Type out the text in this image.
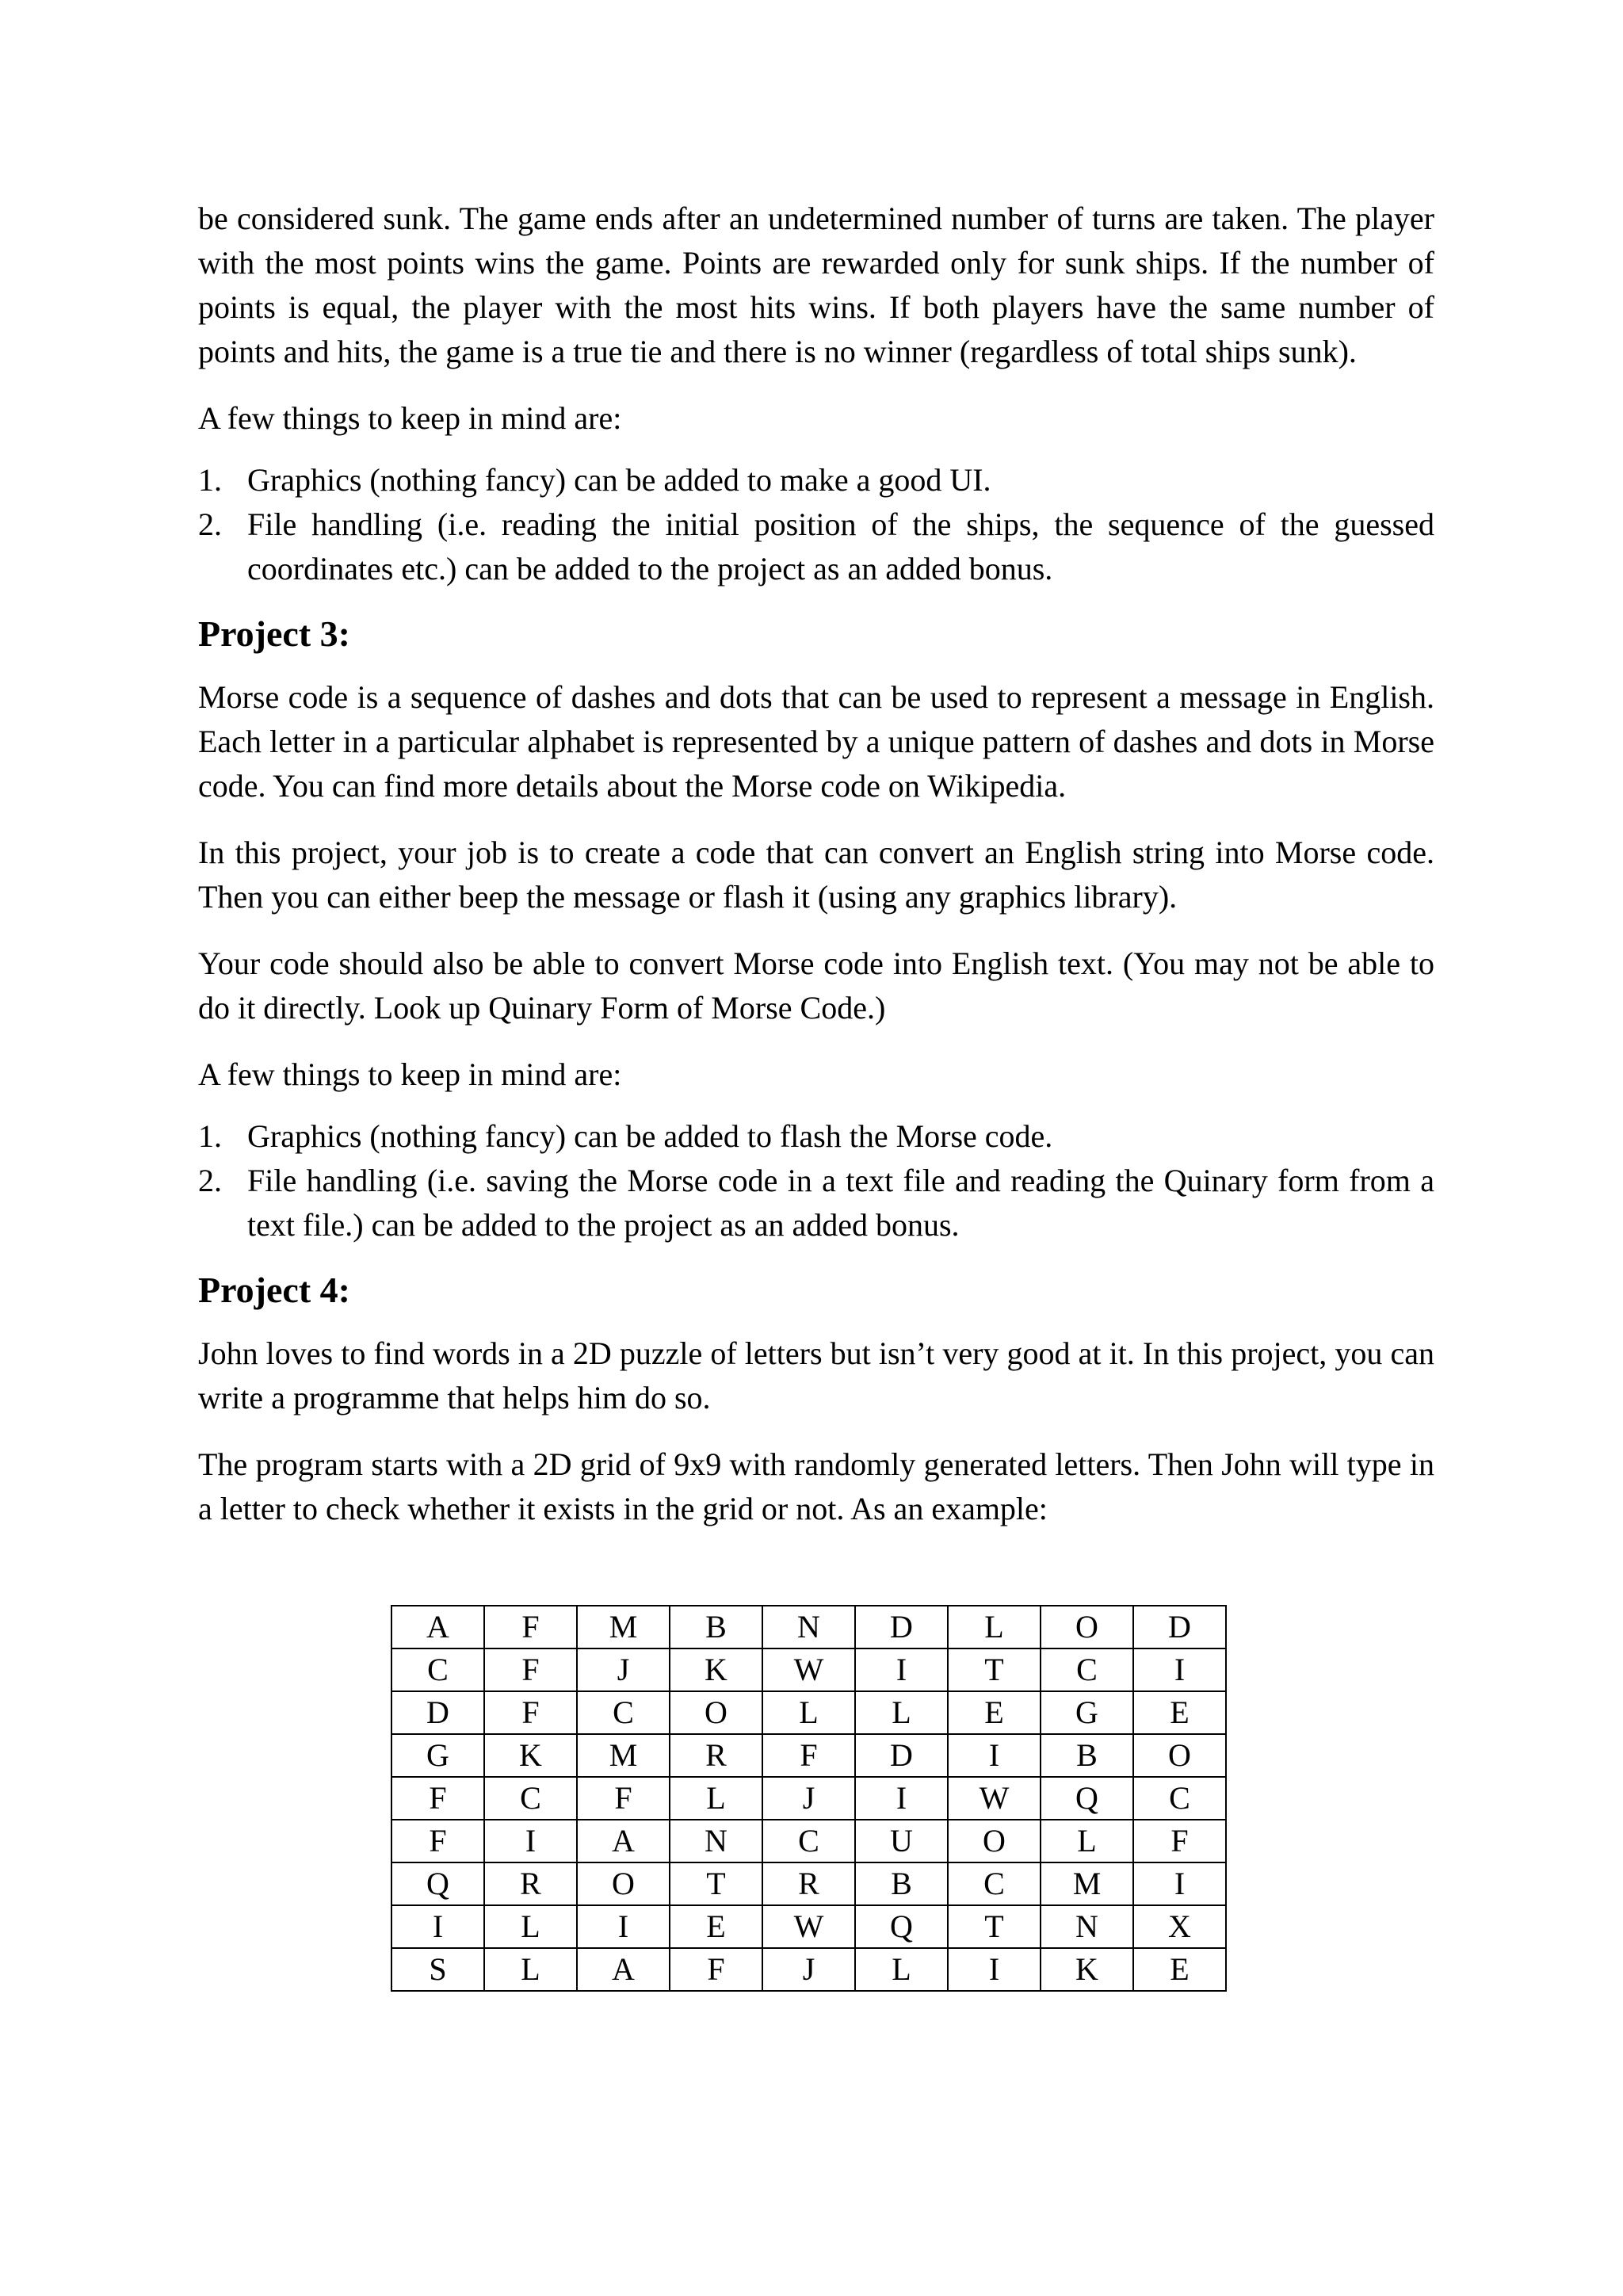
be considered sunk. The game ends after an undetermined number of turns are taken. The player with the most points wins the game. Points are rewarded only for sunk ships. If the number of points is equal, the player with the most hits wins. If both players have the same number of points and hits, the game is a true tie and there is no winner (regardless of total ships sunk).

A few things to keep in mind are:

1. Graphics (nothing fancy) can be added to make a good UI.
2. File handling (i.e. reading the initial position of the ships, the sequence of the guessed coordinates etc.) can be added to the project as an added bonus.
Project 3:

Morse code is a sequence of dashes and dots that can be used to represent a message in English. Each letter in a particular alphabet is represented by a unique pattern of dashes and dots in Morse code. You can find more details about the Morse code on Wikipedia.

In this project, your job is to create a code that can convert an English string into Morse code. Then you can either beep the message or flash it (using any graphics library).

Your code should also be able to convert Morse code into English text. (You may not be able to do it directly. Look up Quinary Form of Morse Code.)

A few things to keep in mind are:

1. Graphics (nothing fancy) can be added to flash the Morse code.
2. File handling (i.e. saving the Morse code in a text file and reading the Quinary form from a text file.) can be added to the project as an added bonus.
Project 4:

John loves to find words in a 2D puzzle of letters but isn’t very good at it. In this project, you can write a programme that helps him do so.

The program starts with a 2D grid of 9x9 with randomly generated letters. Then John will type in a letter to check whether it exists in the grid or not. As an example:

A	F	M	B	N	D	L	O	D
C	F	J	K	W	I	T	C	I
D	F	C	O	L	L	E	G	E
G	K	M	R	F	D	I	B	O
F	C	F	L	J	I	W	Q	C
F	I	A	N	C	U	O	L	F
Q	R	O	T	R	B	C	M	I
I	L	I	E	W	Q	T	N	X
S	L	A	F	J	L	I	K	E
